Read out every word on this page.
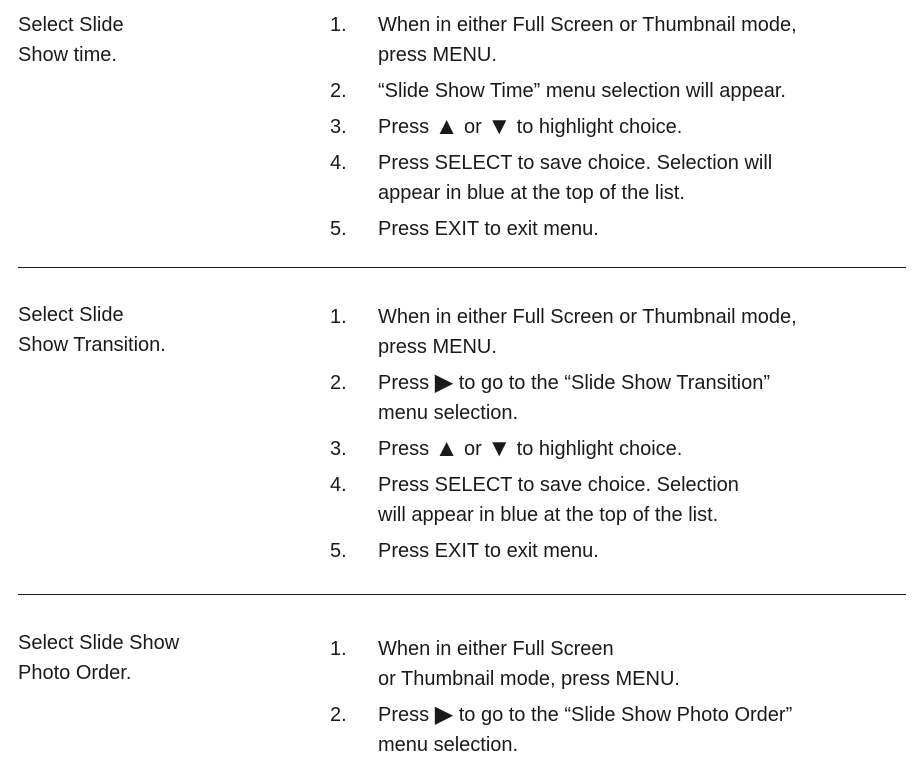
Select Slide
Show time.
1.	When in either Full Screen or Thumbnail mode,
press MENU.
2.	“Slide Show Time” menu selection will appear.
3.	Press ▲ or ▼ to highlight choice.
4.	Press SELECT to save choice. Selection will
appear in blue at the top of the list.
5.	Press EXIT to exit menu.
Select Slide
Show Transition.
1.	When in either Full Screen or Thumbnail mode,
press MENU.
2.	Press ▶ to go to the “Slide Show Transition”
menu selection.
3.	Press ▲ or ▼ to highlight choice.
4.	Press SELECT to save choice. Selection
will appear in blue at the top of the list.
5.	Press EXIT to exit menu.
Select Slide Show
Photo Order.
1.	When in either Full Screen
or Thumbnail mode, press MENU.
2.	Press ▶ to go to the “Slide Show Photo Order”
menu selection.
